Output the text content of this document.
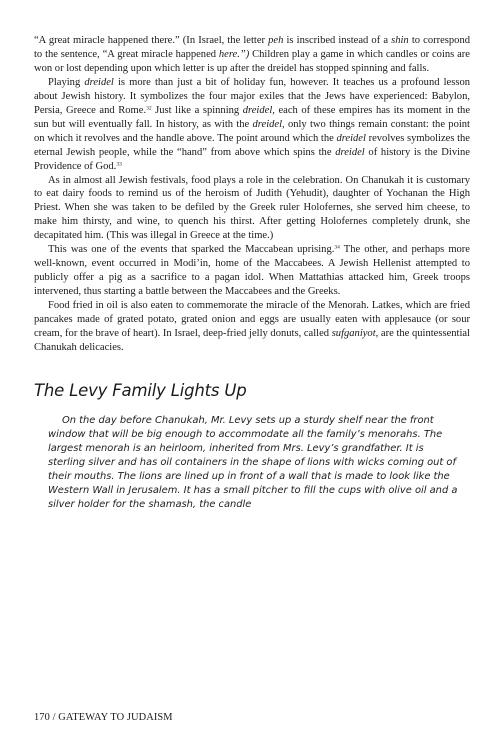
“A great miracle happened there.” (In Israel, the letter peh is inscribed instead of a shin to correspond to the sentence, “A great miracle happened here.”) Children play a game in which candles or coins are won or lost depending upon which letter is up after the dreidel has stopped spinning and falls.

Playing dreidel is more than just a bit of holiday fun, however. It teaches us a profound lesson about Jewish history. It symbolizes the four major exiles that the Jews have experienced: Babylon, Persia, Greece and Rome.$^{32}$ Just like a spinning dreidel, each of these empires has its moment in the sun but will eventually fall. In history, as with the dreidel, only two things remain constant: the point on which it revolves and the handle above. The point around which the dreidel revolves symbolizes the eternal Jewish people, while the “hand” from above which spins the dreidel of history is the Divine Providence of God.$^{33}$

As in almost all Jewish festivals, food plays a role in the celebration. On Chanukah it is customary to eat dairy foods to remind us of the heroism of Judith (Yehudit), daughter of Yochanan the High Priest. When she was taken to be defiled by the Greek ruler Holofernes, she served him cheese, to make him thirsty, and wine, to quench his thirst. After getting Holofernes completely drunk, she decapitated him. (This was illegal in Greece at the time.)

This was one of the events that sparked the Maccabean uprising.$^{34}$ The other, and perhaps more well-known, event occurred in Modi’in, home of the Maccabees. A Jewish Hellenist attempted to publicly offer a pig as a sacrifice to a pagan idol. When Mattathias attacked him, Greek troops intervened, thus starting a battle between the Maccabees and the Greeks.

Food fried in oil is also eaten to commemorate the miracle of the Menorah. Latkes, which are fried pancakes made of grated potato, grated onion and eggs are usually eaten with applesauce (or sour cream, for the brave of heart). In Israel, deep-fried jelly donuts, called sufganiyot, are the quintessential Chanukah delicacies.

The Levy Family Lights Up

On the day before Chanukah, Mr. Levy sets up a sturdy shelf near the front window that will be big enough to accommodate all the family’s menorahs. The largest menorah is an heirloom, inherited from Mrs. Levy’s grandfather. It is sterling silver and has oil containers in the shape of lions with wicks coming out of their mouths. The lions are lined up in front of a wall that is made to look like the Western Wall in Jerusalem. It has a small pitcher to fill the cups with olive oil and a silver holder for the shamash, the candle

170 / GATEWAY TO JUDAISM
